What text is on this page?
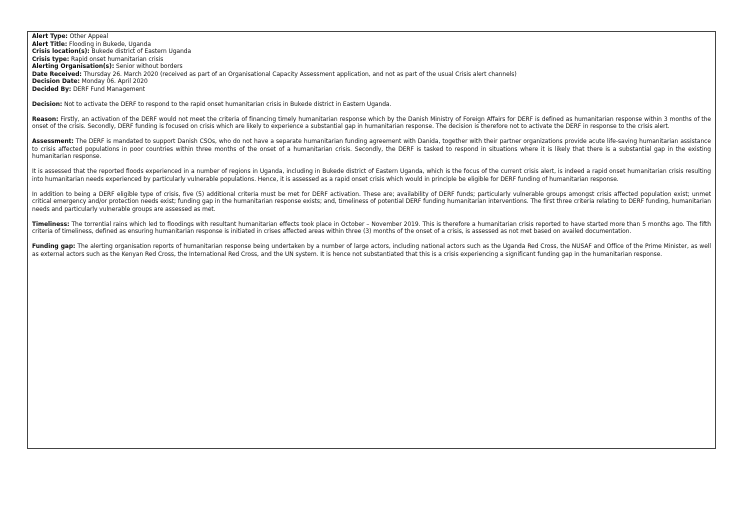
Alert Type: Other Appeal
Alert Title: Flooding in Bukede, Uganda
Crisis location(s): Bukede district of Eastern Uganda
Crisis type: Rapid onset humanitarian crisis
Alerting Organisation(s): Senior without borders
Date Received: Thursday 26. March 2020 (received as part of an Organisational Capacity Assessment application, and not as part of the usual Crisis alert channels)
Decision Date: Monday 06. April 2020
Decided By: DERF Fund Management

Decision: Not to activate the DERF to respond to the rapid onset humanitarian crisis in Bukede district in Eastern Uganda.

Reason: Firstly, an activation of the DERF would not meet the criteria of financing timely humanitarian response which by the Danish Ministry of Foreign Affairs for DERF is defined as humanitarian response within 3 months of the onset of the crisis. Secondly, DERF funding is focused on crisis which are likely to experience a substantial gap in humanitarian response. The decision is therefore not to activate the DERF in response to the crisis alert.

Assessment: The DERF is mandated to support Danish CSOs, who do not have a separate humanitarian funding agreement with Danida, together with their partner organizations provide acute life-saving humanitarian assistance to crisis affected populations in poor countries within three months of the onset of a humanitarian crisis. Secondly, the DERF is tasked to respond in situations where it is likely that there is a substantial gap in the existing humanitarian response.

It is assessed that the reported floods experienced in a number of regions in Uganda, including in Bukede district of Eastern Uganda, which is the focus of the current crisis alert, is indeed a rapid onset humanitarian crisis resulting into humanitarian needs experienced by particularly vulnerable populations. Hence, it is assessed as a rapid onset crisis which would in principle be eligible for DERF funding of humanitarian response.

In addition to being a DERF eligible type of crisis, five (5) additional criteria must be met for DERF activation. These are; availability of DERF funds; particularly vulnerable groups amongst crisis affected population exist; unmet critical emergency and/or protection needs exist; funding gap in the humanitarian response exists; and, timeliness of potential DERF funding humanitarian interventions. The first three criteria relating to DERF funding, humanitarian needs and particularly vulnerable groups are assessed as met.

Timeliness: The torrential rains which led to floodings with resultant humanitarian effects took place in October – November 2019. This is therefore a humanitarian crisis reported to have started more than 5 months ago. The fifth criteria of timeliness, defined as ensuring humanitarian response is initiated in crises affected areas within three (3) months of the onset of a crisis, is assessed as not met based on availed documentation.

Funding gap: The alerting organisation reports of humanitarian response being undertaken by a number of large actors, including national actors such as the Uganda Red Cross, the NUSAF and Office of the Prime Minister, as well as external actors such as the Kenyan Red Cross, the International Red Cross, and the UN system. It is hence not substantiated that this is a crisis experiencing a significant funding gap in the humanitarian response.
